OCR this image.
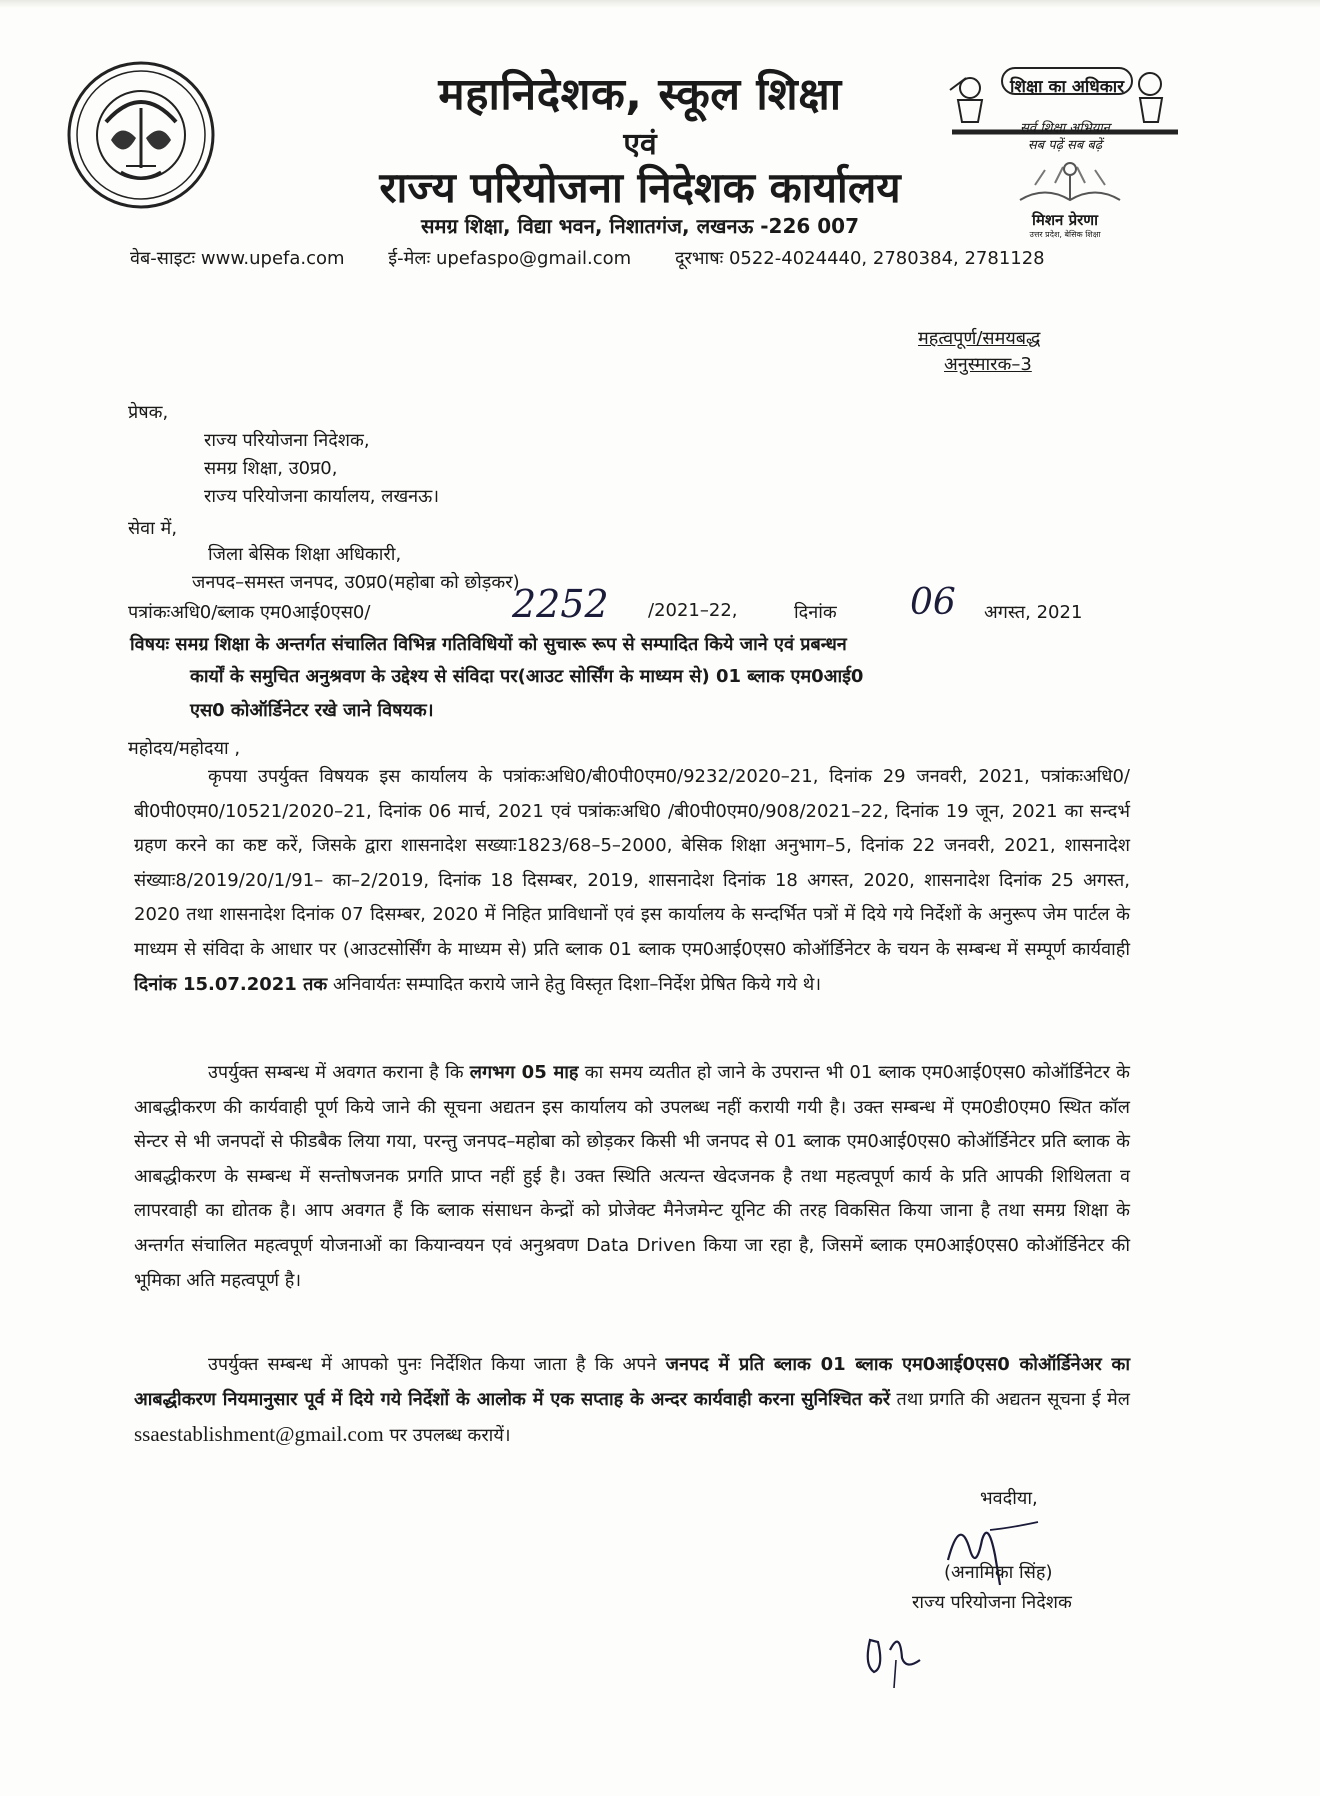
महानिदेशक, स्कूल शिक्षा
एवं
राज्य परियोजना निदेशक कार्यालय
समग्र शिक्षा, विद्या भवन, निशातगंज, लखनऊ -226 007
वेब-साइटः www.upefa.com ई-मेलः upefaspo@gmail.com दूरभाषः 0522-4024440, 2780384, 2781128
शिक्षा का अधिकार
सर्व शिक्षा अभियान
सब पढ़ें सब बढ़ें
मिशन प्रेरणा
उत्तर प्रदेश, बेसिक शिक्षा
महत्वपूर्ण/समयबद्ध
अनुस्मारक–3
प्रेषक,
राज्य परियोजना निदेशक,
समग्र शिक्षा, उ0प्र0,
राज्य परियोजना कार्यालय, लखनऊ।
सेवा में,
जिला बेसिक शिक्षा अधिकारी,
जनपद–समस्त जनपद, उ0प्र0(महोबा को छोड़कर)
पत्रांकःअधि0/ब्लाक एम0आई0एस0/	2252 /2021–22,	दिनांक 06 अगस्त, 2021
विषयः समग्र शिक्षा के अन्तर्गत संचालित विभिन्न गतिविधियों को सुचारू रूप से सम्पादित किये जाने एवं प्रबन्धन
कार्यों के समुचित अनुश्रवण के उद्देश्य से संविदा पर(आउट सोर्सिंग के माध्यम से) 01 ब्लाक एम0आई0
एस0 कोऑर्डिनेटर रखे जाने विषयक।
महोदय/महोदया ,
कृपया उपर्युक्त विषयक इस कार्यालय के पत्रांकःअधि0/बी0पी0एम0/9232/2020–21, दिनांक 29 जनवरी, 2021, पत्रांकःअधि0/बी0पी0एम0/10521/2020–21, दिनांक 06 मार्च, 2021 एवं पत्रांकःअधि0 /बी0पी0एम0/908/2021–22, दिनांक 19 जून, 2021 का सन्दर्भ ग्रहण करने का कष्ट करें, जिसके द्वारा शासनादेश सख्याः1823/68–5–2000, बेसिक शिक्षा अनुभाग–5, दिनांक 22 जनवरी, 2021, शासनादेश संख्याः8/2019/20/1/91– का–2/2019, दिनांक 18 दिसम्बर, 2019, शासनादेश दिनांक 18 अगस्त, 2020, शासनादेश दिनांक 25 अगस्त, 2020 तथा शासनादेश दिनांक 07 दिसम्बर, 2020 में निहित प्राविधानों एवं इस कार्यालय के सन्दर्भित पत्रों में दिये गये निर्देशों के अनुरूप जेम पार्टल के माध्यम से संविदा के आधार पर (आउटसोर्सिंग के माध्यम से) प्रति ब्लाक 01 ब्लाक एम0आई0एस0 कोऑर्डिनेटर के चयन के सम्बन्ध में सम्पूर्ण कार्यवाही दिनांक 15.07.2021 तक अनिवार्यतः सम्पादित कराये जाने हेतु विस्तृत दिशा–निर्देश प्रेषित किये गये थे।
उपर्युक्त सम्बन्ध में अवगत कराना है कि लगभग 05 माह का समय व्यतीत हो जाने के उपरान्त भी 01 ब्लाक एम0आई0एस0 कोऑर्डिनेटर के आबद्धीकरण की कार्यवाही पूर्ण किये जाने की सूचना अद्यतन इस कार्यालय को उपलब्ध नहीं करायी गयी है। उक्त सम्बन्ध में एम0डी0एम0 स्थित कॉल सेन्टर से भी जनपदों से फीडबैक लिया गया, परन्तु जनपद–महोबा को छोड़कर किसी भी जनपद से 01 ब्लाक एम0आई0एस0 कोऑर्डिनेटर प्रति ब्लाक के आबद्धीकरण के सम्बन्ध में सन्तोषजनक प्रगति प्राप्त नहीं हुई है। उक्त स्थिति अत्यन्त खेदजनक है तथा महत्वपूर्ण कार्य के प्रति आपकी शिथिलता व लापरवाही का द्योतक है। आप अवगत हैं कि ब्लाक संसाधन केन्द्रों को प्रोजेक्ट मैनेजमेन्ट यूनिट की तरह विकसित किया जाना है तथा समग्र शिक्षा के अन्तर्गत संचालित महत्वपूर्ण योजनाओं का कियान्वयन एवं अनुश्रवण Data Driven किया जा रहा है, जिसमें ब्लाक एम0आई0एस0 कोऑर्डिनेटर की भूमिका अति महत्वपूर्ण है।
उपर्युक्त सम्बन्ध में आपको पुनः निर्देशित किया जाता है कि अपने जनपद में प्रति ब्लाक 01 ब्लाक एम0आई0एस0 कोऑर्डिनेअर का आबद्धीकरण नियमानुसार पूर्व में दिये गये निर्देशों के आलोक में एक सप्ताह के अन्दर कार्यवाही करना सुनिश्चित करें तथा प्रगति की अद्यतन सूचना ई मेल ssaestablishment@gmail.com पर उपलब्ध करायें।
भवदीया,
(अनामिका सिंह)
राज्य परियोजना निदेशक
